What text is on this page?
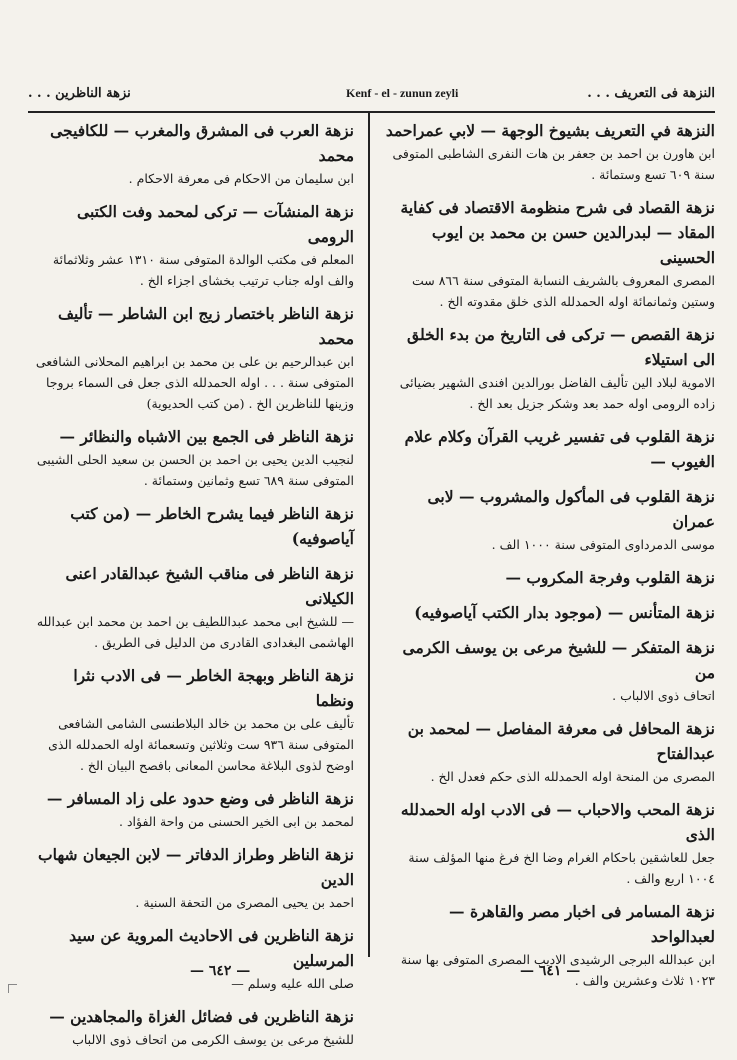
نزهة الناظرين . . .	Kenf - el - zunun zeyli	النزهة فى التعريف . . .
النزهة في التعريف بشيوخ الوجهة — لابي عمراحمد
ابن هاورن بن احمد بن جعفر بن هات النفرى الشاطبى المتوفى سنة ٦٠٩ تسع وستمائة .
نزهة القصاد فى شرح منظومة الاقتصاد فى كفاية المقاد — لبدرالدين حسن بن محمد بن ايوب الحسينى
المصرى المعروف بالشريف النسابة المتوفى سنة ٨٦٦ ست وستين وثمانمائة اوله الحمدلله الذى خلق مقدوته الخ .
نزهة القصص — تركى فى التاريخ من بدء الخلق الى استيلاء
الاموية لبلاد الين تأليف الفاضل بورالدين افندى الشهير بضيائى زاده الرومى اوله حمد بعد وشكر جزيل بعد الخ .
نزهة القلوب فى تفسير غريب القرآن وكلام علام الغيوب —
نزهة القلوب فى المأكول والمشروب — لابى عمران
موسى الدمرداوى المتوفى سنة ١٠٠٠ الف .
نزهة القلوب وفرجة المكروب —
نزهة المتأنس — (موجود بدار الكتب آياصوفيه)
نزهة المتفكر — للشيخ مرعى بن يوسف الكرمى من
اتحاف ذوى الالباب .
نزهة المحافل فى معرفة المفاصل — لمحمد بن عبدالفتاح
المصرى من المنحة اوله الحمدلله الذى حكم فعدل الخ .
نزهة المحب والاحباب — فى الادب اوله الحمدلله الذى
جعل للعاشقين باحكام الغرام وضا الخ فرغ منها المؤلف سنة ١٠٠٤ اربع والف .
نزهة المسامر فى اخبار مصر والقاهرة — لعبدالواحد
ابن عبدالله البرجى الرشيدى الاديب المصرى المتوفى بها سنة ١٠٢٣ ثلاث وعشرين والف .
نزهة العرب فى المشرق والمغرب — للكافيجى محمد
ابن سليمان من الاحكام فى معرفة الاحكام .
نزهة المنشآت — تركى لمحمد وفت الكتبى الرومى
المعلم فى مكتب الوالدة المتوفى سنة ١٣١٠ عشر وثلاثمائة والف اوله جناب ترتيب بخشاى اجزاء الخ .
نزهة الناظر باختصار زيج ابن الشاطر — تأليف محمد
ابن عبدالرحيم بن على بن محمد بن ابراهيم المحلانى الشافعى المتوفى سنة . . . اوله الحمدلله الذى جعل فى السماء بروجا وزينها للناظرين الخ . (من كتب الحديوية)
نزهة الناظر فى الجمع بين الاشباه والنظائر —
لنجيب الدين يحيى بن احمد بن الحسن بن سعيد الحلى الشيبى المتوفى سنة ٦٨٩ تسع وثمانين وستمائة .
نزهة الناظر فيما يشرح الخاطر — (من كتب آياصوفيه)
نزهة الناظر فى مناقب الشيخ عبدالقادر اعنى الكيلانى
— للشيخ ابى محمد عبداللطيف بن احمد بن محمد ابن عبدالله الهاشمى البغدادى القادرى من الدليل فى الطريق .
نزهة الناظر وبهجة الخاطر — فى الادب نثرا ونظما
تأليف على بن محمد بن خالد البلاطنسى الشامى الشافعى المتوفى سنة ٩٣٦ ست وثلاثين وتسعمائة اوله الحمدلله الذى اوضح لذوى البلاغة محاسن المعانى بافصح البيان الخ .
نزهة الناظر فى وضع حدود على زاد المسافر —
لمحمد بن ابى الخير الحسنى من واحة الفؤاد .
نزهة الناظر وطراز الدفاتر — لابن الجيعان شهاب الدين
احمد بن يحيى المصرى من التحفة السنية .
نزهة الناظرين فى الاحاديث المروية عن سيد المرسلين
صلى الله عليه وسلم —
نزهة الناظرين فى فضائل الغزاة والمجاهدين —
للشيخ مرعى بن يوسف الكرمى من اتحاف ذوى الالباب
— ٦٤٢ —	— ٦٤١ —
